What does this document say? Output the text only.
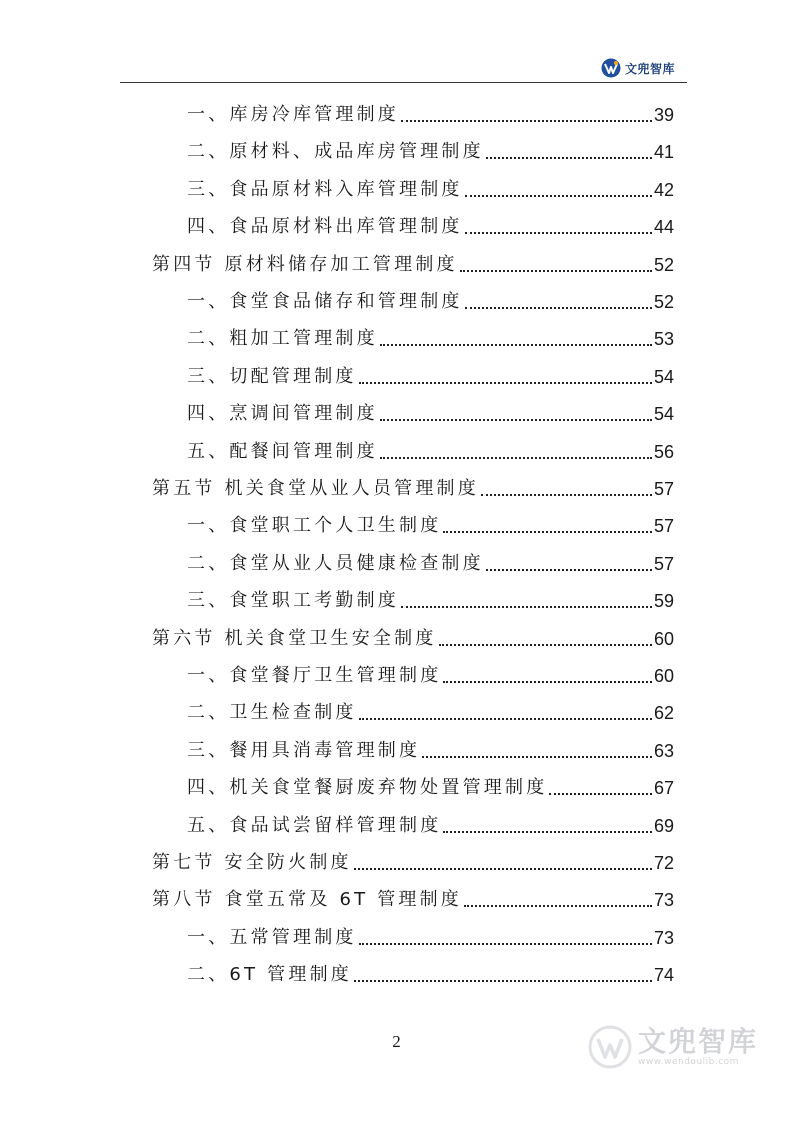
文兜智库
一、库房冷库管理制度	39
二、原材料、成品库房管理制度	41
三、食品原材料入库管理制度	42
四、食品原材料出库管理制度	44
第四节 原材料储存加工管理制度	52
一、食堂食品储存和管理制度	52
二、粗加工管理制度	53
三、切配管理制度	54
四、烹调间管理制度	54
五、配餐间管理制度	56
第五节 机关食堂从业人员管理制度	57
一、食堂职工个人卫生制度	57
二、食堂从业人员健康检查制度	57
三、食堂职工考勤制度	59
第六节 机关食堂卫生安全制度	60
一、食堂餐厅卫生管理制度	60
二、卫生检查制度	62
三、餐用具消毒管理制度	63
四、机关食堂餐厨废弃物处置管理制度	67
五、食品试尝留样管理制度	69
第七节 安全防火制度	72
第八节 食堂五常及 6T 管理制度	73
一、五常管理制度	73
二、6T 管理制度	74
2	文兜智库
www.wendoulib.com
